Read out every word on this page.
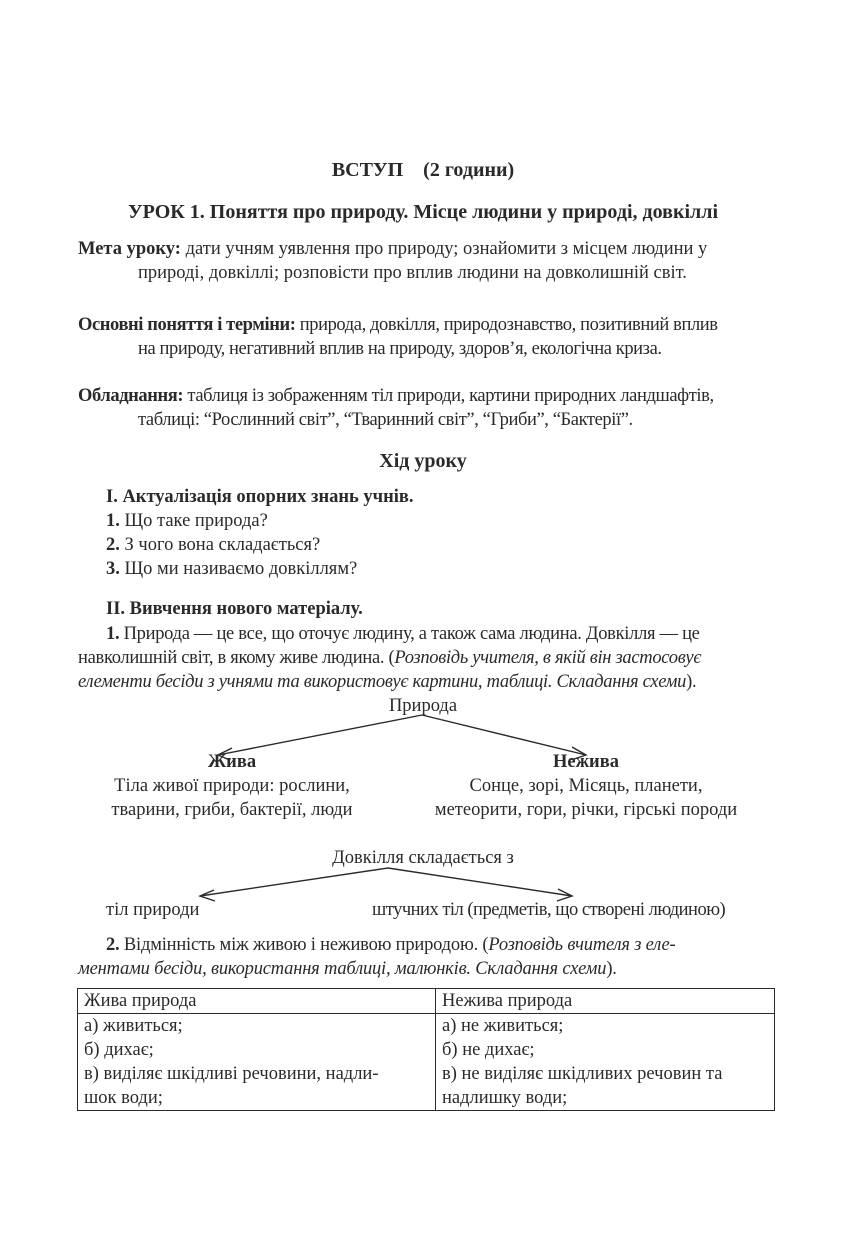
ВСТУП    (2 години)
УРОК 1. Поняття про природу. Місце людини у природі, довкіллі
Мета уроку: дати учням уявлення про природу; ознайомити з місцем людини у
природі, довкіллі; розповісти про вплив людини на довколишній світ.
Основні поняття і терміни: природа, довкілля, природознавство, позитивний вплив
на природу, негативний вплив на природу, здоров’я, екологічна криза.
Обладнання: таблиця із зображенням тіл природи, картини природних ландшафтів,
таблиці: “Рослинний світ”, “Тваринний світ”, “Гриби”, “Бактерії”.
Хід уроку
I. Актуалізація опорних знань учнів.
1. Що таке природа?
2. З чого вона складається?
3. Що ми називаємо довкіллям?
II. Вивчення нового матеріалу.
1. Природа — це все, що оточує людину, а також сама людина. Довкілля — це
навколишній світ, в якому живе людина. (Розповідь учителя, в якій він застосовує
елементи бесіди з учнями та використовує картини, таблиці. Складання схеми).
Природа
Жива
Тіла живої природи: рослини,
тварини, гриби, бактерії, люди
Нежива
Сонце, зорі, Місяць, планети,
метеорити, гори, річки, гірські породи
Довкілля складається з
тіл природи	штучних тіл (предметів, що створені людиною)
2. Відмінність між живою і неживою природою. (Розповідь вчителя з еле-
ментами бесіди, використання таблиці, малюнків. Складання схеми).
Жива природа	Нежива природа

а) живиться;
б) дихає;
в) виділяє шкідливі речовини, надли-
шок води;	а) не живиться;
б) не дихає;
в) не виділяє шкідливих речовин та
надлишку води;
